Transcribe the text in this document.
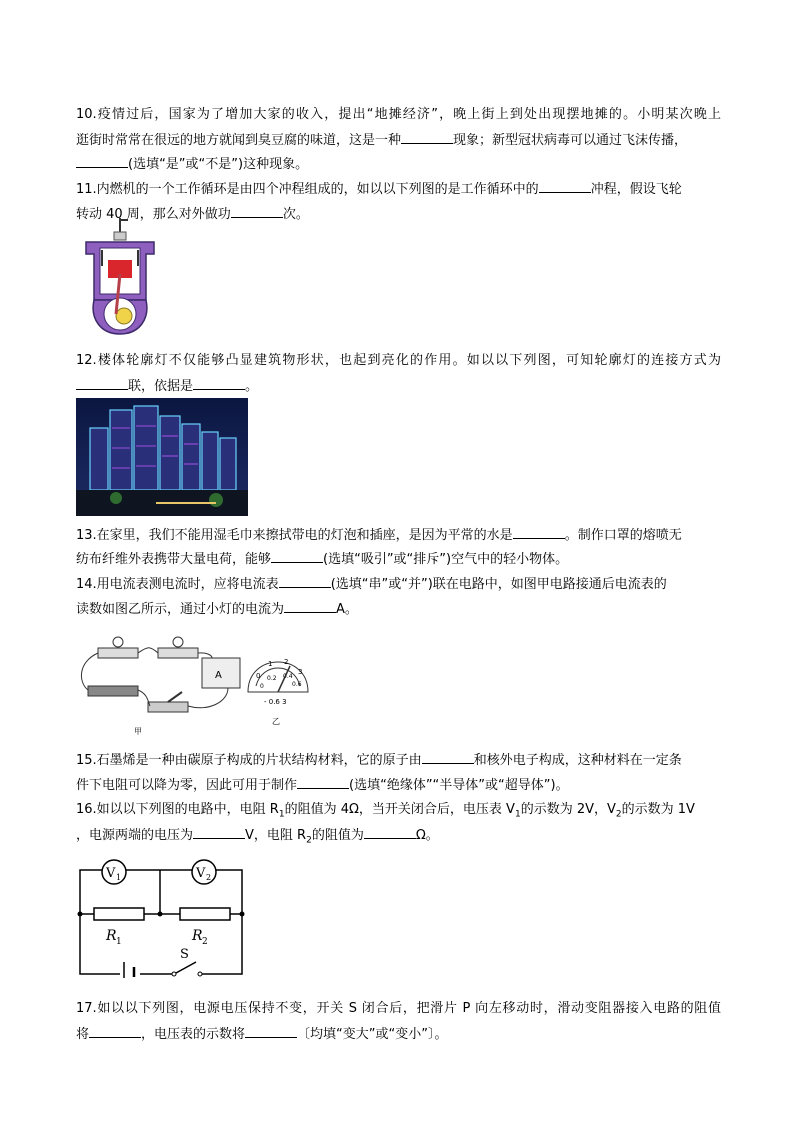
10.疫情过后，国家为了增加大家的收入，提出“地摊经济”，晚上街上到处出现摆地摊的。小明某次晚上
逛街时常常在很远的地方就闻到臭豆腐的味道，这是一种	现象；新型冠状病毒可以通过飞沫传播，
(选填“是”或“不是”)这种现象。
11.内燃机的一个工作循环是由四个冲程组成的，如以以下列图的是工作循环中的	冲程，假设飞轮
转动 40 周，那么对外做功	次。
12.楼体轮廓灯不仅能够凸显建筑物形状，也起到亮化的作用。如以以下列图，可知轮廓灯的连接方式为
联，依据是	。
13.在家里，我们不能用湿毛巾来擦拭带电的灯泡和插座，是因为平常的水是	。制作口罩的熔喷无
纺布纤维外表携带大量电荷，能够	(选填“吸引”或“排斥”)空气中的轻小物体。
14.用电流表测电流时，应将电流表	(选填“串”或“并”)联在电路中，如图甲电路接通后电流表的
读数如图乙所示，通过小灯的电流为	A。
A
甲
0
1 2
3
0
0.2 0.4
0.6
- 0.6 3
乙
15.石墨烯是一种由碳原子构成的片状结构材料，它的原子由	和核外电子构成，这种材料在一定条
件下电阻可以降为零，因此可用于制作	(选填“绝缘体”“半导体”或“超导体”)。
16.如以以下列图的电路中，电阻 $R_1$的阻值为 4Ω，当开关闭合后，电压表 $V_1$的示数为 2V，$V_2$的示数为 1V
，电源两端的电压为	V，电阻 $R_2$的阻值为	Ω。
V 1	V 2
R 1	R 2
S
17.如以以下列图，电源电压保持不变，开关 S 闭合后，把滑片 P 向左移动时，滑动变阻器接入电路的阻值
将	，电压表的示数将	〔均填“变大”或“变小”〕。
